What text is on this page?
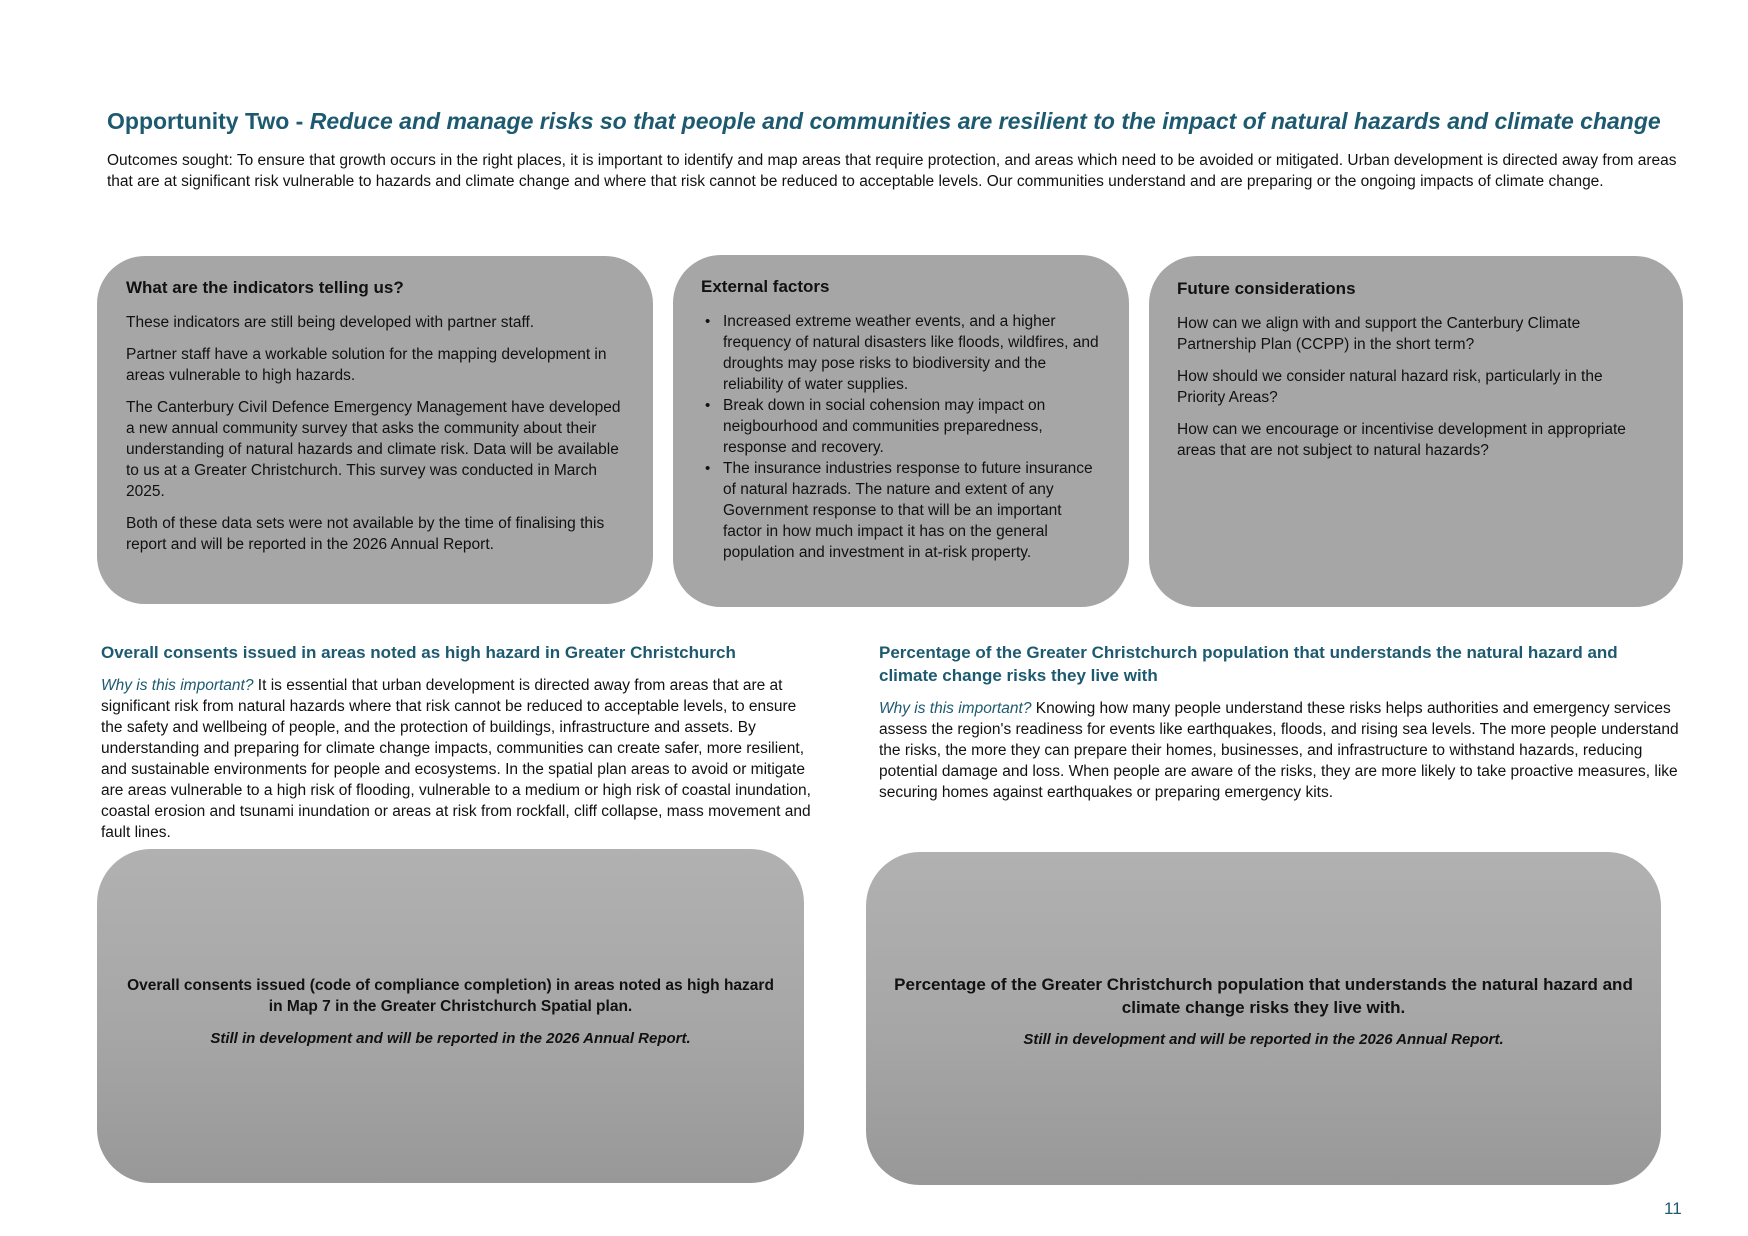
Opportunity Two - Reduce and manage risks so that people and communities are resilient to the impact of natural hazards and climate change

Outcomes sought: To ensure that growth occurs in the right places, it is important to identify and map areas that require protection, and areas which need to be avoided or mitigated. Urban development is directed away from areas that are at significant risk vulnerable to hazards and climate change and where that risk cannot be reduced to acceptable levels. Our communities understand and are preparing or the ongoing impacts of climate change.

What are the indicators telling us?

These indicators are still being developed with partner staff.

Partner staff have a workable solution for the mapping development in areas vulnerable to high hazards.

The Canterbury Civil Defence Emergency Management have developed a new annual community survey that asks the community about their understanding of natural hazards and climate risk. Data will be available to us at a Greater Christchurch. This survey was conducted in March 2025.

Both of these data sets were not available by the time of finalising this report and will be reported in the 2026 Annual Report.

External factors
• Increased extreme weather events, and a higher frequency of natural disasters like floods, wildfires, and droughts may pose risks to biodiversity and the reliability of water supplies.
• Break down in social cohension may impact on neigbourhood and communities preparedness, response and recovery.
• The insurance industries response to future insurance of natural hazrads. The nature and extent of any Government response to that will be an important factor in how much impact it has on the general population and investment in at-risk property.
Future considerations

How can we align with and support the Canterbury Climate Partnership Plan (CCPP) in the short term?

How should we consider natural hazard risk, particularly in the Priority Areas?

How can we encourage or incentivise development in appropriate areas that are not subject to natural hazards?

Overall consents issued in areas noted as high hazard in Greater Christchurch

Why is this important? It is essential that urban development is directed away from areas that are at significant risk from natural hazards where that risk cannot be reduced to acceptable levels, to ensure the safety and wellbeing of people, and the protection of buildings, infrastructure and assets. By understanding and preparing for climate change impacts, communities can create safer, more resilient, and sustainable environments for people and ecosystems. In the spatial plan areas to avoid or mitigate are areas vulnerable to a high risk of flooding, vulnerable to a medium or high risk of coastal inundation, coastal erosion and tsunami inundation or areas at risk from rockfall, cliff collapse, mass movement and fault lines.

Percentage of the Greater Christchurch population that understands the natural hazard and climate change risks they live with

Why is this important? Knowing how many people understand these risks helps authorities and emergency services assess the region's readiness for events like earthquakes, floods, and rising sea levels. The more people understand the risks, the more they can prepare their homes, businesses, and infrastructure to withstand hazards, reducing potential damage and loss. When people are aware of the risks, they are more likely to take proactive measures, like securing homes against earthquakes or preparing emergency kits.

Overall consents issued (code of compliance completion) in areas noted as high hazard in Map 7 in the Greater Christchurch Spatial plan.
Still in development and will be reported in the 2026 Annual Report.
Percentage of the Greater Christchurch population that understands the natural hazard and climate change risks they live with.
Still in development and will be reported in the 2026 Annual Report.
11
